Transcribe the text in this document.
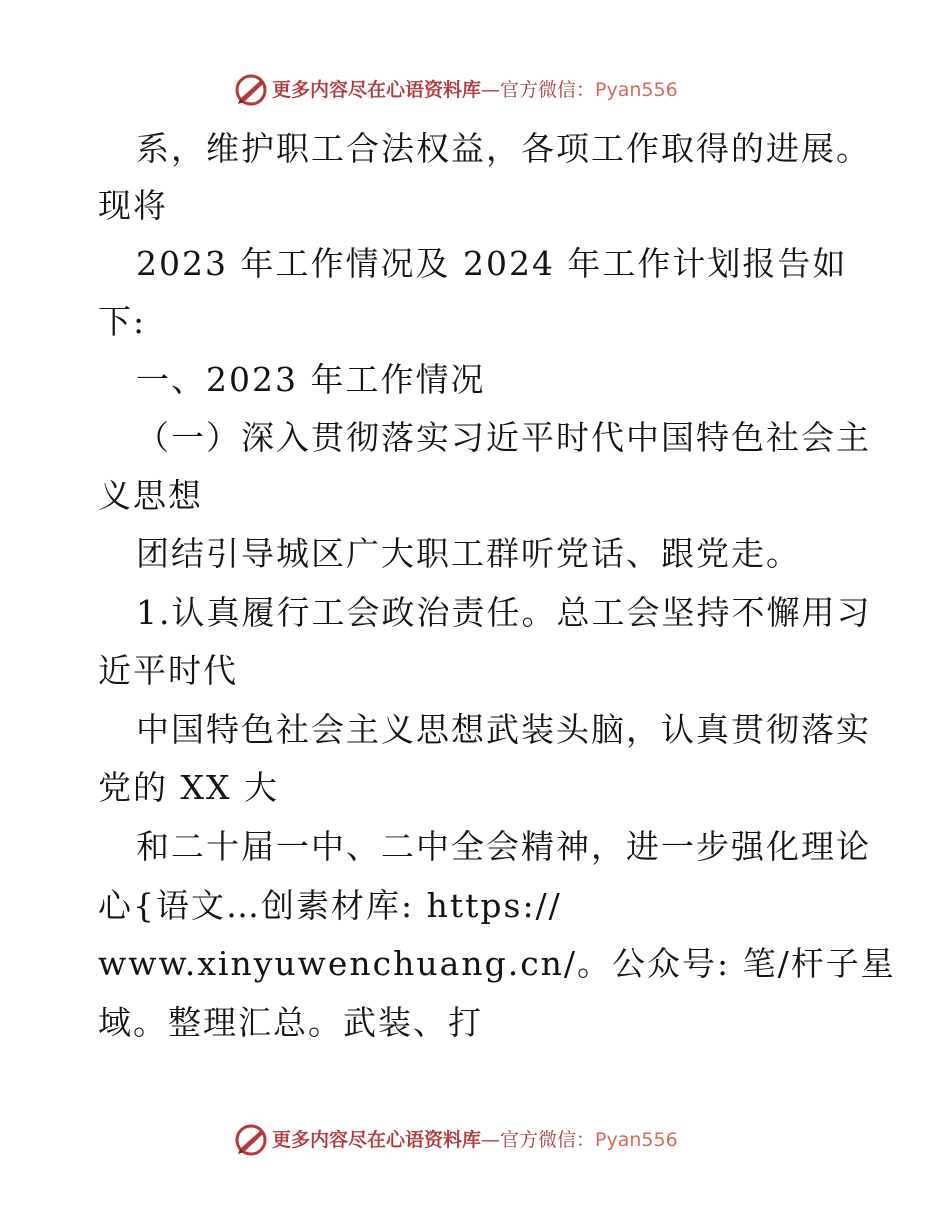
更多内容尽在心语资料库—官方微信：Pyan556
系，维护职工合法权益，各项工作取得的进展。
现将
2023 年工作情况及 2024 年工作计划报告如
下:
一、2023 年工作情况
（一）深入贯彻落实习近平时代中国特色社会主
义思想
团结引导城区广大职工群听党话、跟党走。
1.认真履行工会政治责任。总工会坚持不懈用习
近平时代
中国特色社会主义思想武装头脑，认真贯彻落实
党的 XX 大
和二十届一中、二中全会精神，进一步强化理论
心{语文…创素材库: https://
www.xinyuwenchuang.cn/。公众号: 笔/杆子星
域。整理汇总。武装、打
更多内容尽在心语资料库—官方微信：Pyan556
